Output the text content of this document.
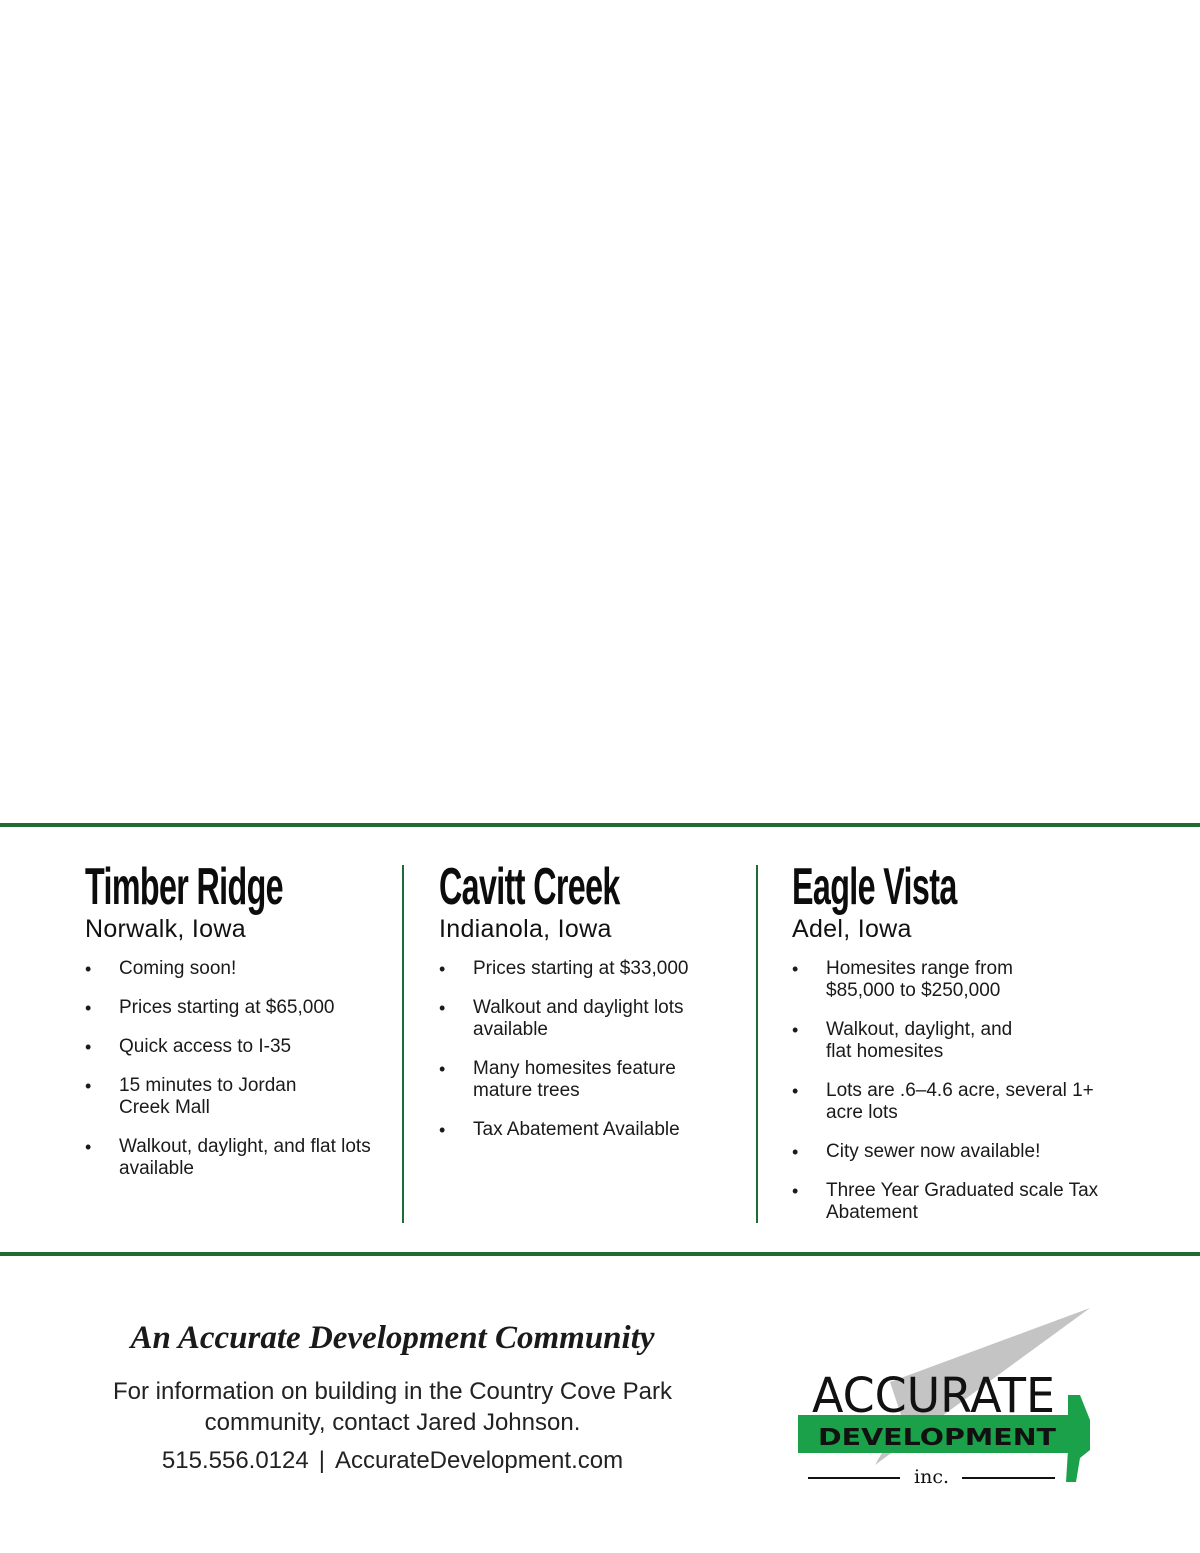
Timber Ridge
Norwalk, Iowa
• Coming soon!
• Prices starting at $65,000
• Quick access to I-35
• 15 minutes to Jordan Creek Mall
• Walkout, daylight, and flat lots available
Cavitt Creek
Indianola, Iowa
• Prices starting at $33,000
• Walkout and daylight lots available
• Many homesites feature mature trees
• Tax Abatement Available
Eagle Vista
Adel, Iowa
• Homesites range from $85,000 to $250,000
• Walkout, daylight, and flat homesites
• Lots are .6–4.6 acre, several 1+ acre lots
• City sewer now available!
• Three Year Graduated scale Tax Abatement
An Accurate Development Community
For information on building in the Country Cove Park
community, contact Jared Johnson.
515.556.0124 | AccurateDevelopment.com
ACCURATE
DEVELOPMENT
inc.
